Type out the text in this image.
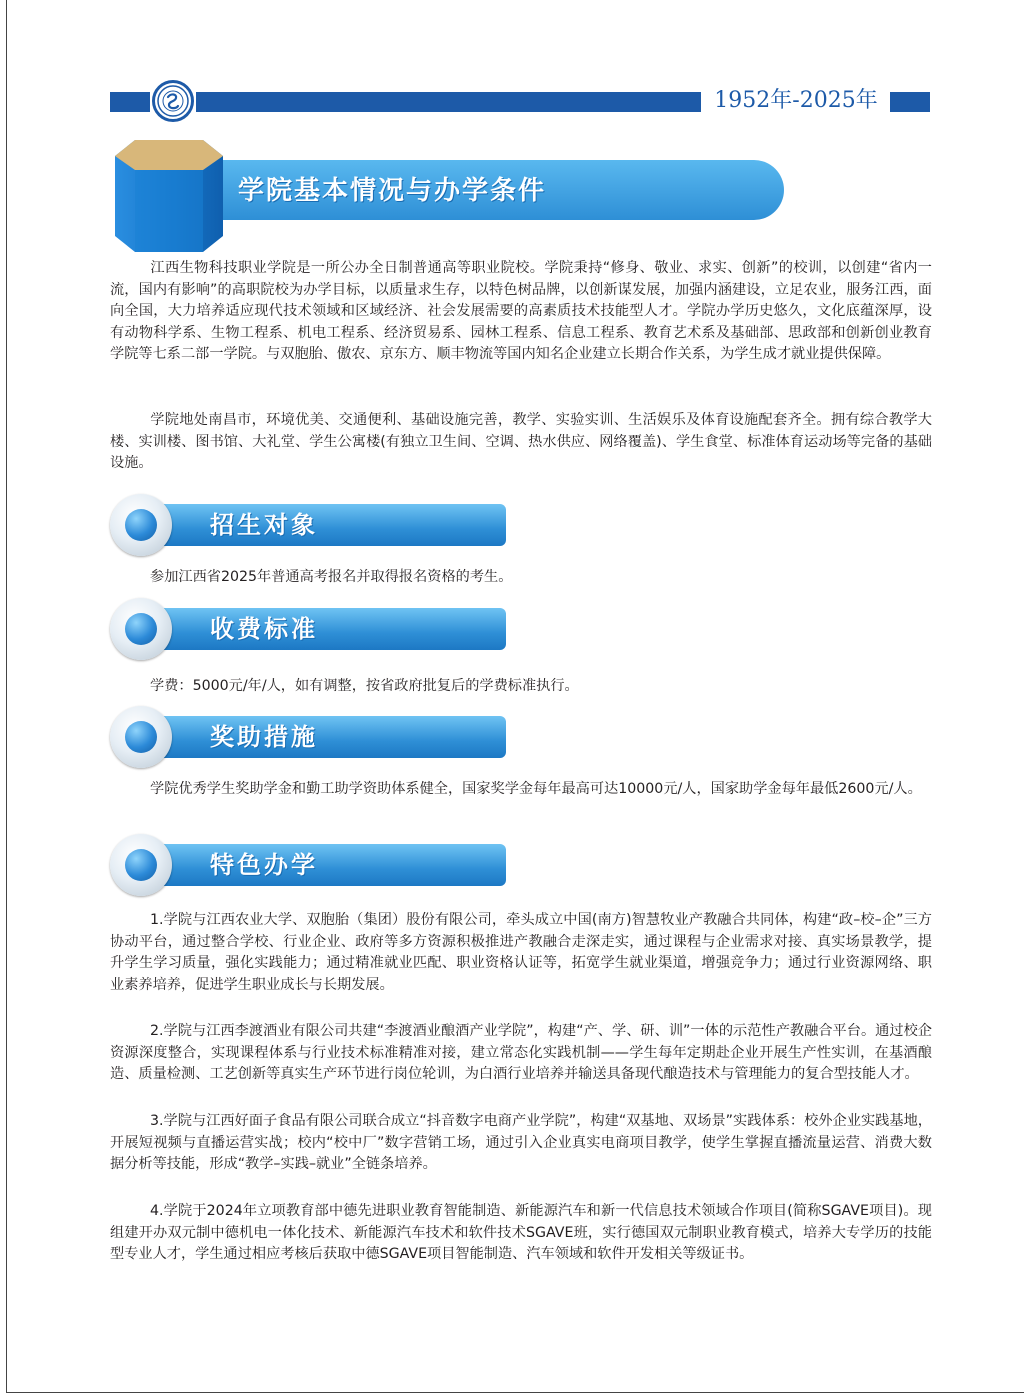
1952年-2025年
学院基本情况与办学条件

江西生物科技职业学院是一所公办全日制普通高等职业院校。学院秉持“修身、敬业、求实、创新”的校训，以创建“省内一流，国内有影响”的高职院校为办学目标，以质量求生存，以特色树品牌，以创新谋发展，加强内涵建设，立足农业，服务江西，面向全国，大力培养适应现代技术领域和区域经济、社会发展需要的高素质技术技能型人才。学院办学历史悠久，文化底蕴深厚，设有动物科学系、生物工程系、机电工程系、经济贸易系、园林工程系、信息工程系、教育艺术系及基础部、思政部和创新创业教育学院等七系二部一学院。与双胞胎、傲农、京东方、顺丰物流等国内知名企业建立长期合作关系，为学生成才就业提供保障。

学院地处南昌市，环境优美、交通便利、基础设施完善，教学、实验实训、生活娱乐及体育设施配套齐全。拥有综合教学大楼、实训楼、图书馆、大礼堂、学生公寓楼(有独立卫生间、空调、热水供应、网络覆盖)、学生食堂、标准体育运动场等完备的基础设施。

招生对象

参加江西省2025年普通高考报名并取得报名资格的考生。

收费标准

学费：5000元/年/人，如有调整，按省政府批复后的学费标准执行。

奖助措施

学院优秀学生奖助学金和勤工助学资助体系健全，国家奖学金每年最高可达10000元/人，国家助学金每年最低2600元/人。

特色办学

1.学院与江西农业大学、双胞胎（集团）股份有限公司，牵头成立中国(南方)智慧牧业产教融合共同体，构建“政–校–企”三方协动平台，通过整合学校、行业企业、政府等多方资源积极推进产教融合走深走实，通过课程与企业需求对接、真实场景教学，提升学生学习质量，强化实践能力；通过精准就业匹配、职业资格认证等，拓宽学生就业渠道，增强竞争力；通过行业资源网络、职业素养培养，促进学生职业成长与长期发展。

2.学院与江西李渡酒业有限公司共建“李渡酒业酿酒产业学院”，构建“产、学、研、训”一体的示范性产教融合平台。通过校企资源深度整合，实现课程体系与行业技术标准精准对接，建立常态化实践机制——学生每年定期赴企业开展生产性实训，在基酒酿造、质量检测、工艺创新等真实生产环节进行岗位轮训，为白酒行业培养并输送具备现代酿造技术与管理能力的复合型技能人才。

3.学院与江西好面子食品有限公司联合成立“抖音数字电商产业学院”，构建“双基地、双场景”实践体系：校外企业实践基地，开展短视频与直播运营实战；校内“校中厂”数字营销工场，通过引入企业真实电商项目教学，使学生掌握直播流量运营、消费大数据分析等技能，形成“教学–实践–就业”全链条培养。

4.学院于2024年立项教育部中德先进职业教育智能制造、新能源汽车和新一代信息技术领域合作项目(简称SGAVE项目)。现组建开办双元制中德机电一体化技术、新能源汽车技术和软件技术SGAVE班，实行德国双元制职业教育模式，培养大专学历的技能型专业人才，学生通过相应考核后获取中德SGAVE项目智能制造、汽车领域和软件开发相关等级证书。
